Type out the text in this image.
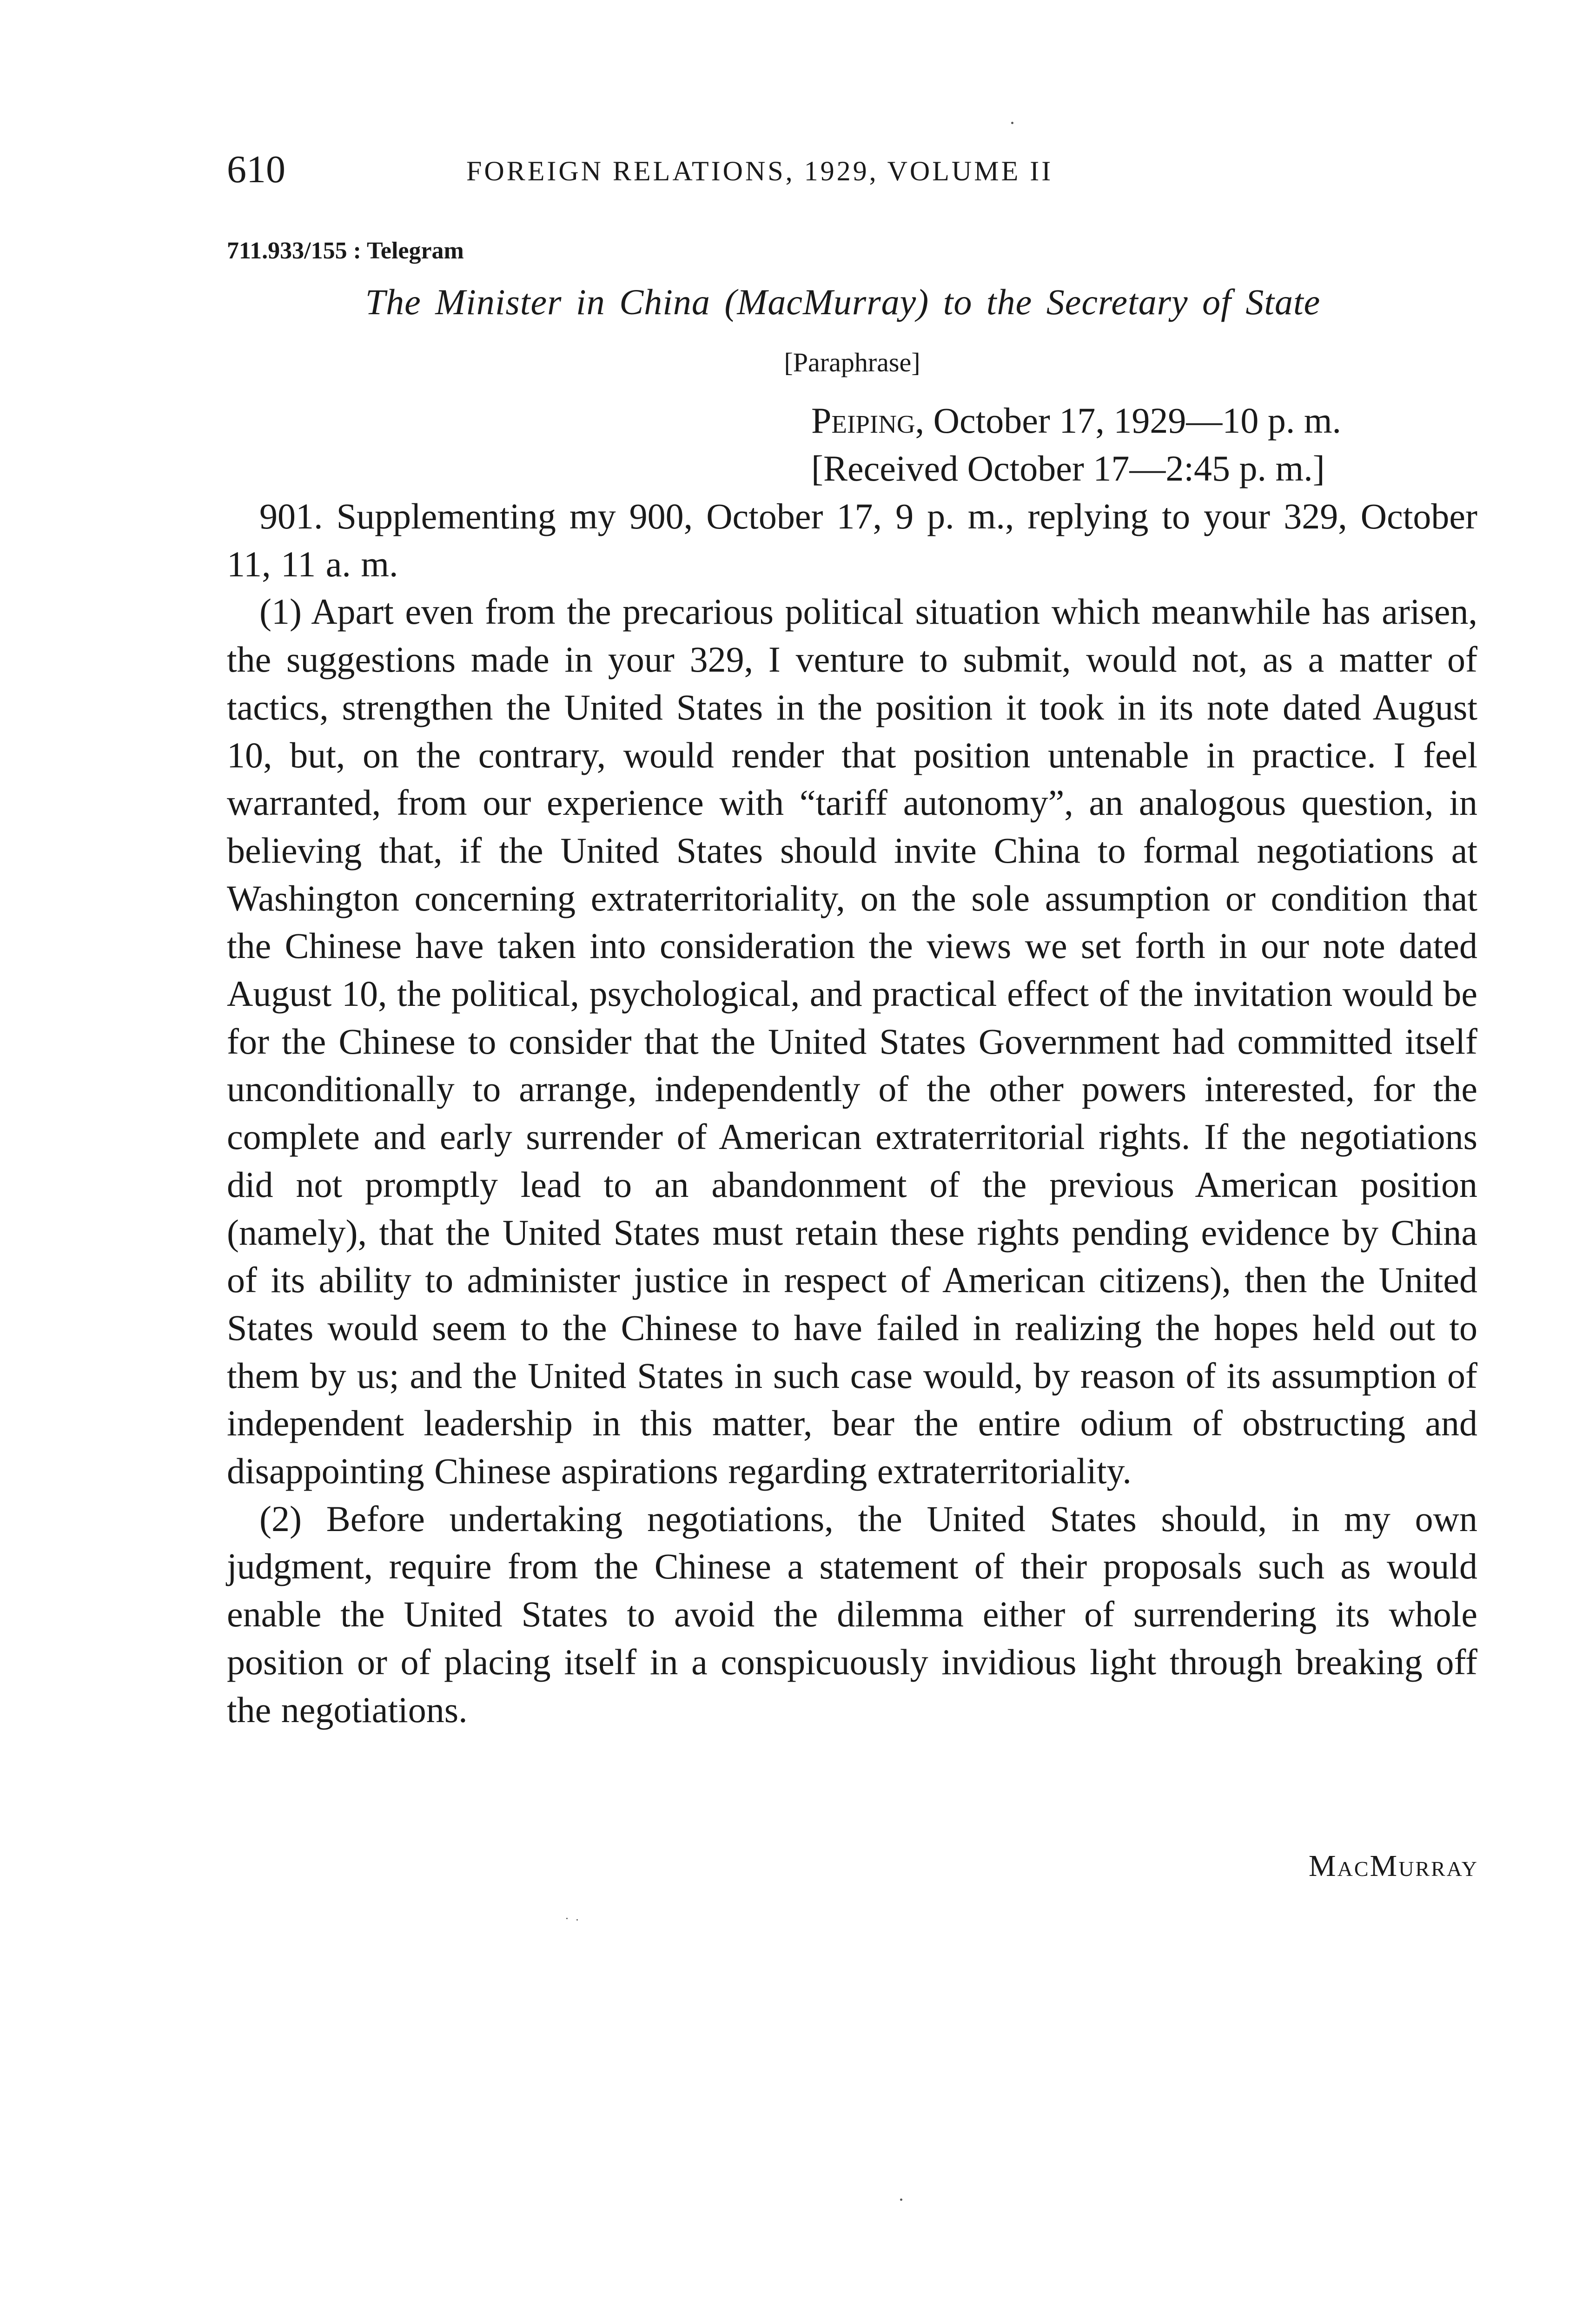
610	FOREIGN RELATIONS, 1929, VOLUME II
711.933/155 : Telegram
The Minister in China (MacMurray) to the Secretary of State
[Paraphrase]
Peiping, October 17, 1929—10 p. m.
[Received October 17—2:45 p. m.]

901. Supplementing my 900, October 17, 9 p. m., replying to your 329, October 11, 11 a. m.

(1) Apart even from the precarious political situation which meanwhile has arisen, the suggestions made in your 329, I venture to submit, would not, as a matter of tactics, strengthen the United States in the position it took in its note dated August 10, but, on the contrary, would render that position untenable in practice. I feel warranted, from our experience with “tariff autonomy”, an analogous question, in believing that, if the United States should invite China to formal negotiations at Washington concerning extraterritoriality, on the sole assumption or condition that the Chinese have taken into consideration the views we set forth in our note dated August 10, the political, psychological, and practical effect of the invitation would be for the Chinese to consider that the United States Government had committed itself unconditionally to arrange, independently of the other powers interested, for the complete and early surrender of American extraterritorial rights. If the negotiations did not promptly lead to an abandonment of the previous American position (namely), that the United States must retain these rights pending evidence by China of its ability to administer justice in respect of American citizens), then the United States would seem to the Chinese to have failed in realizing the hopes held out to them by us; and the United States in such case would, by reason of its assumption of independent leadership in this matter, bear the entire odium of obstructing and disappointing Chinese aspirations regarding extraterritoriality.

(2) Before undertaking negotiations, the United States should, in my own judgment, require from the Chinese a statement of their proposals such as would enable the United States to avoid the dilemma either of surrendering its whole position or of placing itself in a conspicuously invidious light through breaking off the negotiations.

MacMurray
